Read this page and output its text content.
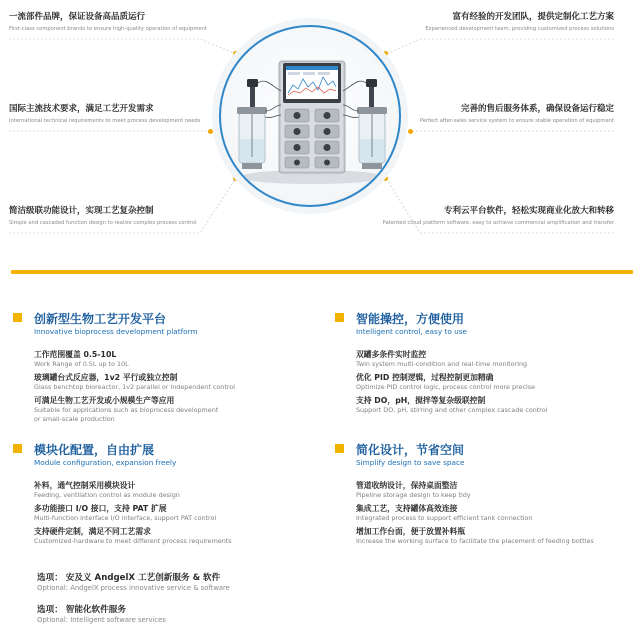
一流部件品牌，保证设备高品质运行
First-class component brands to ensure high-quality operation of equipment
国际主流技术要求，满足工艺开发需求
International technical requirements to meet process development needs
简洁级联功能设计，实现工艺复杂控制
Simple and cascaded function design to realize complex process control
富有经验的开发团队，提供定制化工艺方案
Experienced development team, providing customized process solutions
完善的售后服务体系，确保设备运行稳定
Perfect after-sales service system to ensure stable operation of equipment
专利云平台软件，轻松实现商业化放大和转移
Patented cloud platform software, easy to achieve commercial amplification and transfer
创新型生物工艺开发平台
Innovative bioprocess development platform
工作范围覆盖 0.5-10L
Work Range of 0.5L up to 10L
玻璃罐台式反应器，1v2 平行或独立控制
Glass benchtop bioreactor, 1v2 parallel or independent control
可满足生物工艺开发或小规模生产等应用
Suitable for applications such as bioprocess development
or small-scale production
智能操控，方便使用
Intelligent control, easy to use
双罐多条件实时监控
Twin system multi-condition and real-time monitoring
优化 PID 控制逻辑，过程控制更加精确
Optimize PID control logic, process control more precise
支持 DO，pH，搅拌等复杂级联控制
Support DO, pH, stirring and other complex cascade control
模块化配置，自由扩展
Module configuration, expansion freely
补料，通气控制采用模块设计
Feeding, ventilation control as module design
多功能接口 I/O 接口，支持 PAT 扩展
Multi-function interface I/O interface, support PAT control
支持硬件定制，满足不同工艺需求
Customized-hardware to meet different process requirements
简化设计，节省空间
Simplify design to save space
管道收纳设计，保持桌面整洁
Pipeline storage design to keep tidy
集成工艺，支持罐体高效连接
Integrated process to support efficient tank connection
增加工作台面，便于放置补料瓶
Increase the working surface to facilitate the placement of feeding bottles
选项： 安及义 AndgelX 工艺创新服务 & 软件
Optional: AndgelX process innovative service & software
选项： 智能化软件服务
Optional: Intelligent software services
